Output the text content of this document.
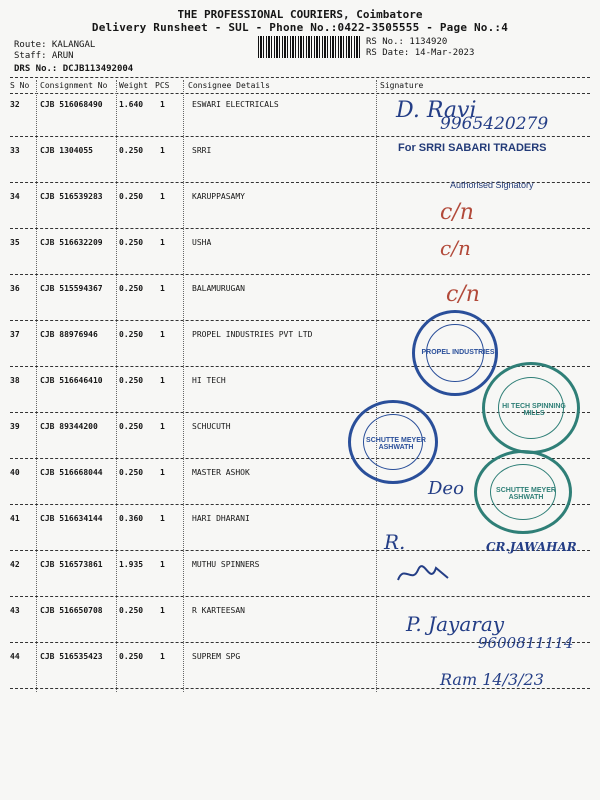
THE PROFESSIONAL COURIERS, Coimbatore
Delivery Runsheet - SUL - Phone No.:0422-3505555 - Page No.:4
Route: KALANGAL
Staff: ARUN
DRS No.: DCJB113492004
RS No.: 1134920
RS Date: 14-Mar-2023
S No Consignment No Weight PCS Consignee Details	Signature
32	CJB 516068490 1.640 1	ESWARI ELECTRICALS
33	CJB 1304055	0.250 1	SRRI
34	CJB 516539283 0.250 1	KARUPPASAMY
35	CJB 516632209 0.250 1	USHA
36	CJB 515594367 0.250 1	BALAMURUGAN
37	CJB 88976946	0.250 1	PROPEL INDUSTRIES PVT LTD
38	CJB 516646410 0.250 1	HI TECH
39	CJB 89344200	0.250 1	SCHUCUTH
40	CJB 516668044 0.250 1	MASTER ASHOK
41	CJB 516634144 0.360 1	HARI DHARANI
42	CJB 516573861 1.935 1	MUTHU SPINNERS
43	CJB 516650708 0.250 1	R KARTEESAN
44	CJB 516535423 0.250 1	SUPREM SPG
D. Ravi
9965420279
For SRRI SABARI TRADERS
Authorised Signatory
c/n
c/n
c/n
PROPEL INDUSTRIES
HI TECH SPINNING MILLS
SCHUTTE MEYER ASHWATH
SCHUTTE MEYER ASHWATH
Deo
R.	CR.JAWAHAR
P. Jayaray
9600811114
Ram 14/3/23
